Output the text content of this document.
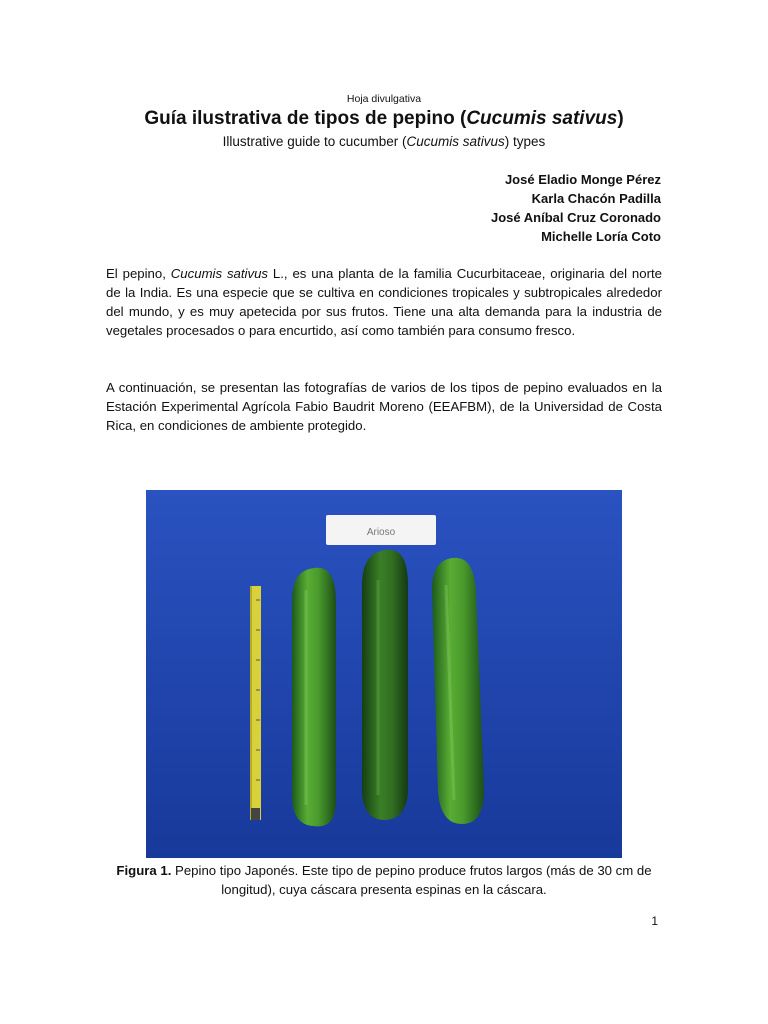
Hoja divulgativa
Guía ilustrativa de tipos de pepino (Cucumis sativus)
Illustrative guide to cucumber (Cucumis sativus) types
José Eladio Monge Pérez
Karla Chacón Padilla
José Aníbal Cruz Coronado
Michelle Loría Coto

El pepino, Cucumis sativus L., es una planta de la familia Cucurbitaceae, originaria del norte de la India. Es una especie que se cultiva en condiciones tropicales y subtropicales alrededor del mundo, y es muy apetecida por sus frutos. Tiene una alta demanda para la industria de vegetales procesados o para encurtido, así como también para consumo fresco.

A continuación, se presentan las fotografías de varios de los tipos de pepino evaluados en la Estación Experimental Agrícola Fabio Baudrit Moreno (EEAFBM), de la Universidad de Costa Rica, en condiciones de ambiente protegido.

Arioso
Figura 1. Pepino tipo Japonés. Este tipo de pepino produce frutos largos (más de 30 cm de longitud), cuya cáscara presenta espinas en la cáscara.
1
